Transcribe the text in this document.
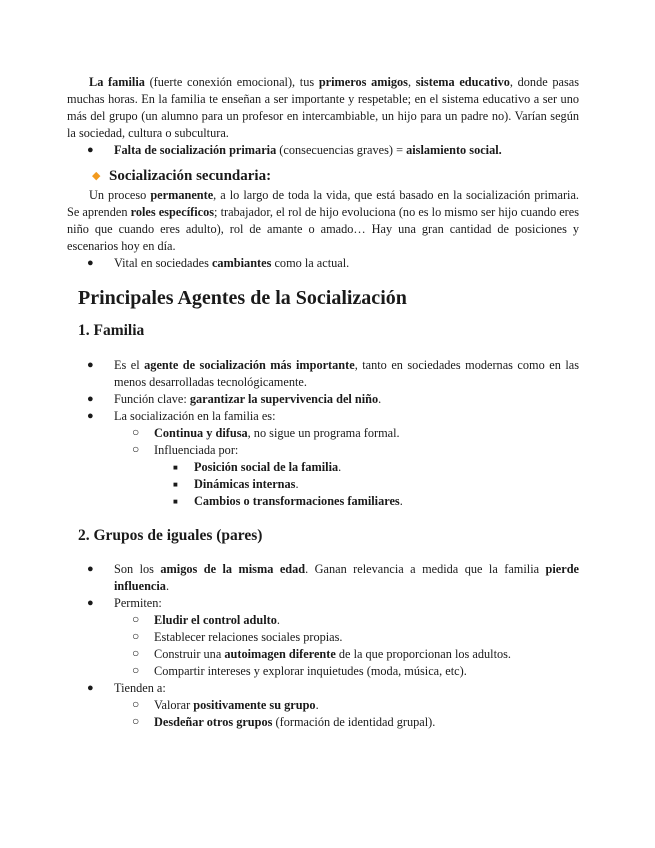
La familia (fuerte conexión emocional), tus primeros amigos, sistema educativo, donde pasas muchas horas. En la familia te enseñan a ser importante y respetable; en el sistema educativo a ser uno más del grupo (un alumno para un profesor en intercambiable, un hijo para un padre no). Varían según la sociedad, cultura o subcultura.

● Falta de socialización primaria (consecuencias graves) = aislamiento social.
◆ Socialización secundaria:

Un proceso permanente, a lo largo de toda la vida, que está basado en la socialización primaria. Se aprenden roles específicos; trabajador, el rol de hijo evoluciona (no es lo mismo ser hijo cuando eres niño que cuando eres adulto), rol de amante o amado… Hay una gran cantidad de posiciones y escenarios hoy en día.

● Vital en sociedades cambiantes como la actual.
Principales Agentes de la Socialización
1. Familia
● Es el agente de socialización más importante, tanto en sociedades modernas como en las menos desarrolladas tecnológicamente.
● Función clave: garantizar la supervivencia del niño.
● La socialización en la familia es:
○ Continua y difusa, no sigue un programa formal.
○ Influenciada por:
■ Posición social de la familia.
■ Dinámicas internas.
■ Cambios o transformaciones familiares.
2. Grupos de iguales (pares)
● Son los amigos de la misma edad. Ganan relevancia a medida que la familia pierde influencia.
● Permiten:
○ Eludir el control adulto.
○ Establecer relaciones sociales propias.
○ Construir una autoimagen diferente de la que proporcionan los adultos.
○ Compartir intereses y explorar inquietudes (moda, música, etc).
● Tienden a:
○ Valorar positivamente su grupo.
○ Desdeñar otros grupos (formación de identidad grupal).
